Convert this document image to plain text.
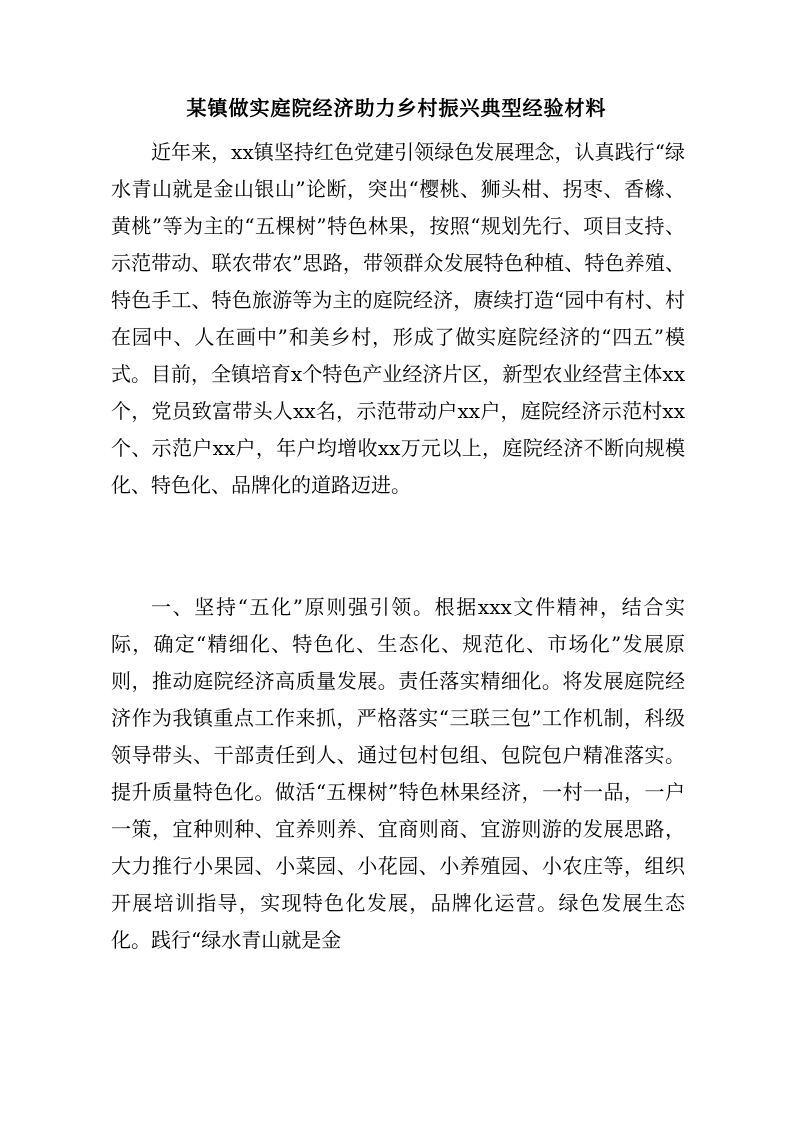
某镇做实庭院经济助力乡村振兴典型经验材料

近年来，xx镇坚持红色党建引领绿色发展理念，认真践行“绿水青山就是金山银山”论断，突出“樱桃、狮头柑、拐枣、香橼、黄桃”等为主的“五棵树”特色林果，按照“规划先行、项目支持、示范带动、联农带农”思路，带领群众发展特色种植、特色养殖、特色手工、特色旅游等为主的庭院经济，赓续打造“园中有村、村在园中、人在画中”和美乡村，形成了做实庭院经济的“四五”模式。目前，全镇培育x个特色产业经济片区，新型农业经营主体xx个，党员致富带头人xx名，示范带动户xx户，庭院经济示范村xx个、示范户xx户，年户均增收xx万元以上，庭院经济不断向规模化、特色化、品牌化的道路迈进。

一、坚持“五化”原则强引领。根据xxx文件精神，结合实际，确定“精细化、特色化、生态化、规范化、市场化”发展原则，推动庭院经济高质量发展。责任落实精细化。将发展庭院经济作为我镇重点工作来抓，严格落实“三联三包”工作机制，科级领导带头、干部责任到人、通过包村包组、包院包户精准落实。提升质量特色化。做活“五棵树”特色林果经济，一村一品，一户一策，宜种则种、宜养则养、宜商则商、宜游则游的发展思路，大力推行小果园、小菜园、小花园、小养殖园、小农庄等，组织开展培训指导，实现特色化发展，品牌化运营。绿色发展生态化。践行“绿水青山就是金
